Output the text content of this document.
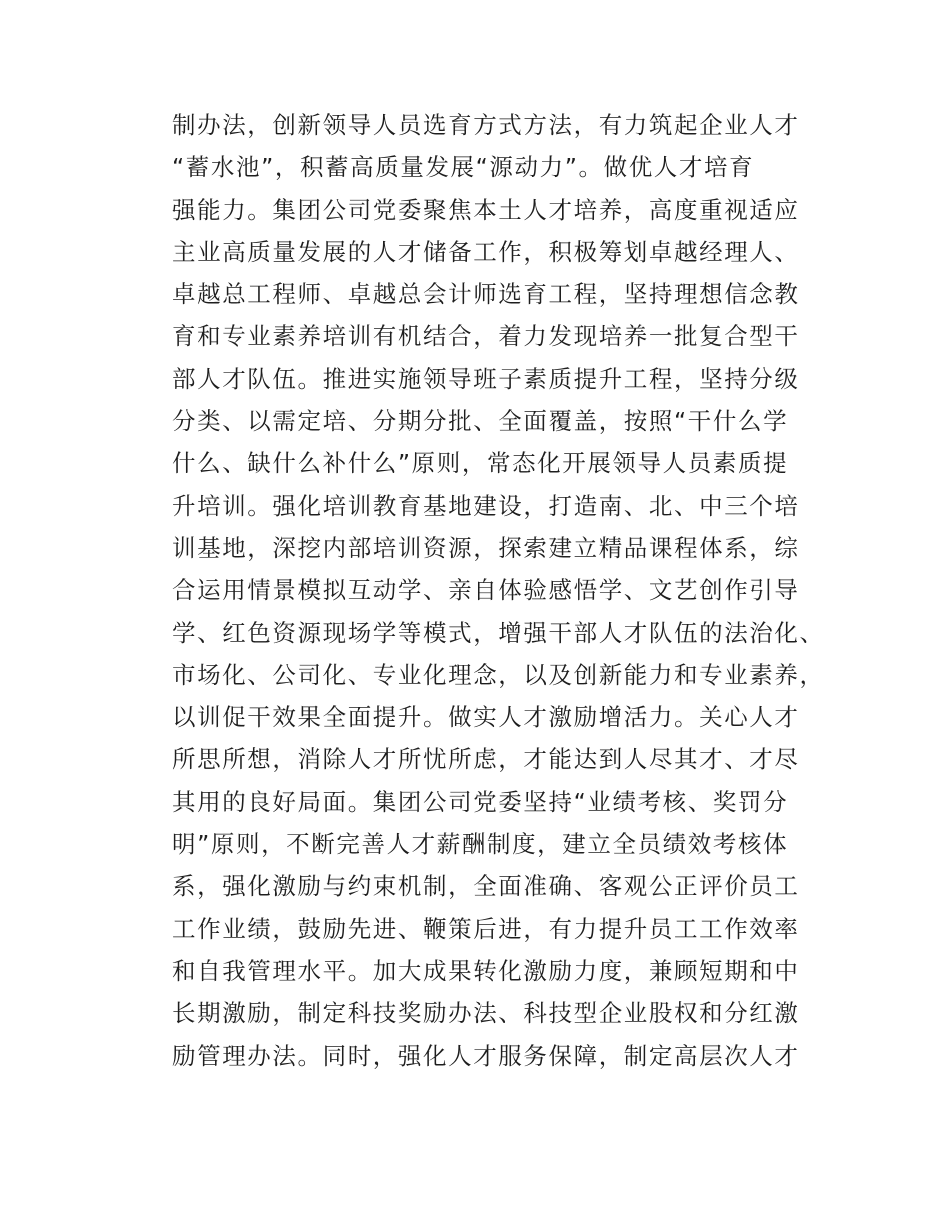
制办法，创新领导人员选育方式方法，有力筑起企业人才
“蓄水池”，积蓄高质量发展“源动力”。做优人才培育
强能力。集团公司党委聚焦本土人才培养，高度重视适应
主业高质量发展的人才储备工作，积极筹划卓越经理人、
卓越总工程师、卓越总会计师选育工程，坚持理想信念教
育和专业素养培训有机结合，着力发现培养一批复合型干
部人才队伍。推进实施领导班子素质提升工程，坚持分级
分类、以需定培、分期分批、全面覆盖，按照“干什么学
什么、缺什么补什么”原则，常态化开展领导人员素质提
升培训。强化培训教育基地建设，打造南、北、中三个培
训基地，深挖内部培训资源，探索建立精品课程体系，综
合运用情景模拟互动学、亲自体验感悟学、文艺创作引导
学、红色资源现场学等模式，增强干部人才队伍的法治化、
市场化、公司化、专业化理念，以及创新能力和专业素养，
以训促干效果全面提升。做实人才激励增活力。关心人才
所思所想，消除人才所忧所虑，才能达到人尽其才、才尽
其用的良好局面。集团公司党委坚持“业绩考核、奖罚分
明”原则，不断完善人才薪酬制度，建立全员绩效考核体
系，强化激励与约束机制，全面准确、客观公正评价员工
工作业绩，鼓励先进、鞭策后进，有力提升员工工作效率
和自我管理水平。加大成果转化激励力度，兼顾短期和中
长期激励，制定科技奖励办法、科技型企业股权和分红激
励管理办法。同时，强化人才服务保障，制定高层次人才
